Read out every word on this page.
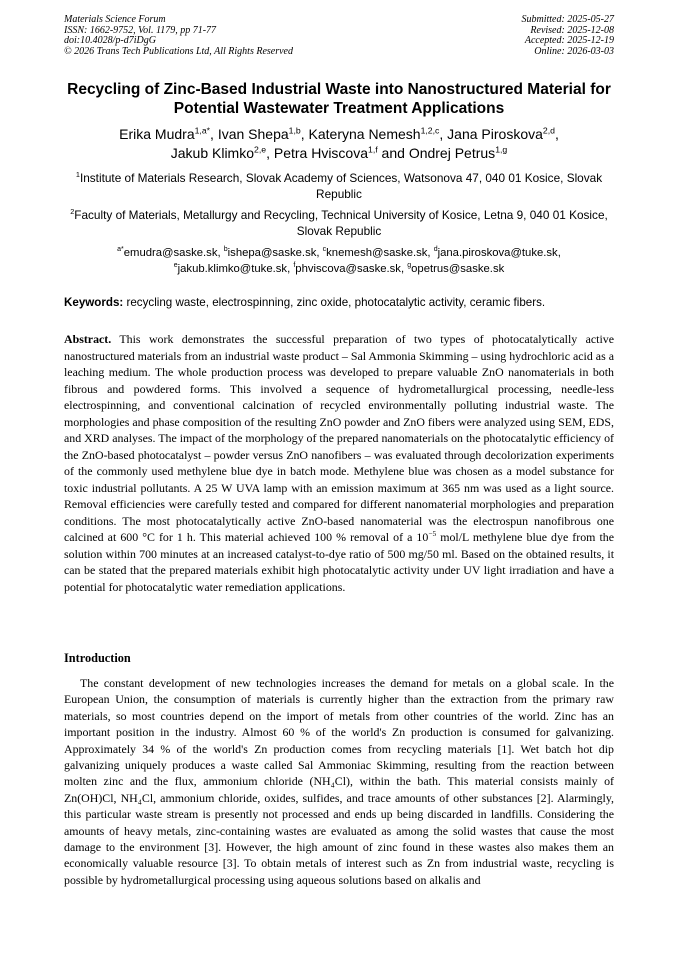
Materials Science Forum
ISSN: 1662-9752, Vol. 1179, pp 71-77
doi:10.4028/p-d7iDgG
© 2026 Trans Tech Publications Ltd, All Rights Reserved
Submitted: 2025-05-27
Revised: 2025-12-08
Accepted: 2025-12-19
Online: 2026-03-03
Recycling of Zinc-Based Industrial Waste into Nanostructured Material for Potential Wastewater Treatment Applications
Erika Mudra$^{1,a*}$, Ivan Shepa$^{1,b}$, Kateryna Nemesh$^{1,2,c}$, Jana Piroskova$^{2,d}$,
Jakub Klimko$^{2,e}$, Petra Hviscova$^{1,f}$ and Ondrej Petrus$^{1,g}$
$^1$Institute of Materials Research, Slovak Academy of Sciences, Watsonova 47, 040 01 Kosice, Slovak Republic
$^2$Faculty of Materials, Metallurgy and Recycling, Technical University of Kosice, Letna 9, 040 01 Kosice, Slovak Republic
$^{a*}$emudra@saske.sk, $^b$ishepa@saske.sk, $^c$knemesh@saske.sk, $^d$jana.piroskova@tuke.sk,
$^e$jakub.klimko@tuke.sk, $^f$phviscova@saske.sk, $^g$opetrus@saske.sk
Keywords: recycling waste, electrospinning, zinc oxide, photocatalytic activity, ceramic fibers.

Abstract. This work demonstrates the successful preparation of two types of photocatalytically active nanostructured materials from an industrial waste product – Sal Ammonia Skimming – using hydrochloric acid as a leaching medium. The whole production process was developed to prepare valuable ZnO nanomaterials in both fibrous and powdered forms. This involved a sequence of hydrometallurgical processing, needle-less electrospinning, and conventional calcination of recycled environmentally polluting industrial waste. The morphologies and phase composition of the resulting ZnO powder and ZnO fibers were analyzed using SEM, EDS, and XRD analyses. The impact of the morphology of the prepared nanomaterials on the photocatalytic efficiency of the ZnO-based photocatalyst – powder versus ZnO nanofibers – was evaluated through decolorization experiments of the commonly used methylene blue dye in batch mode. Methylene blue was chosen as a model substance for toxic industrial pollutants. A 25 W UVA lamp with an emission maximum at 365 nm was used as a light source. Removal efficiencies were carefully tested and compared for different nanomaterial morphologies and preparation conditions. The most photocatalytically active ZnO-based nanomaterial was the electrospun nanofibrous one calcined at 600 °C for 1 h. This material achieved 100 % removal of a $10^{-5}$ mol/L methylene blue dye from the solution within 700 minutes at an increased catalyst-to-dye ratio of 500 mg/50 ml. Based on the obtained results, it can be stated that the prepared materials exhibit high photocatalytic activity under UV light irradiation and have a potential for photocatalytic water remediation applications.

Introduction

The constant development of new technologies increases the demand for metals on a global scale. In the European Union, the consumption of materials is currently higher than the extraction from the primary raw materials, so most countries depend on the import of metals from other countries of the world. Zinc has an important position in the industry. Almost 60 % of the world's Zn production is consumed for galvanizing. Approximately 34 % of the world's Zn production comes from recycling materials [1]. Wet batch hot dip galvanizing uniquely produces a waste called Sal Ammoniac Skimming, resulting from the reaction between molten zinc and the flux, ammonium chloride (NH₄Cl), within the bath. This material consists mainly of Zn(OH)Cl, NH₄Cl, ammonium chloride, oxides, sulfides, and trace amounts of other substances [2]. Alarmingly, this particular waste stream is presently not processed and ends up being discarded in landfills. Considering the amounts of heavy metals, zinc-containing wastes are evaluated as among the solid wastes that cause the most damage to the environment [3]. However, the high amount of zinc found in these wastes also makes them an economically valuable resource [3]. To obtain metals of interest such as Zn from industrial waste, recycling is possible by hydrometallurgical processing using aqueous solutions based on alkalis and
